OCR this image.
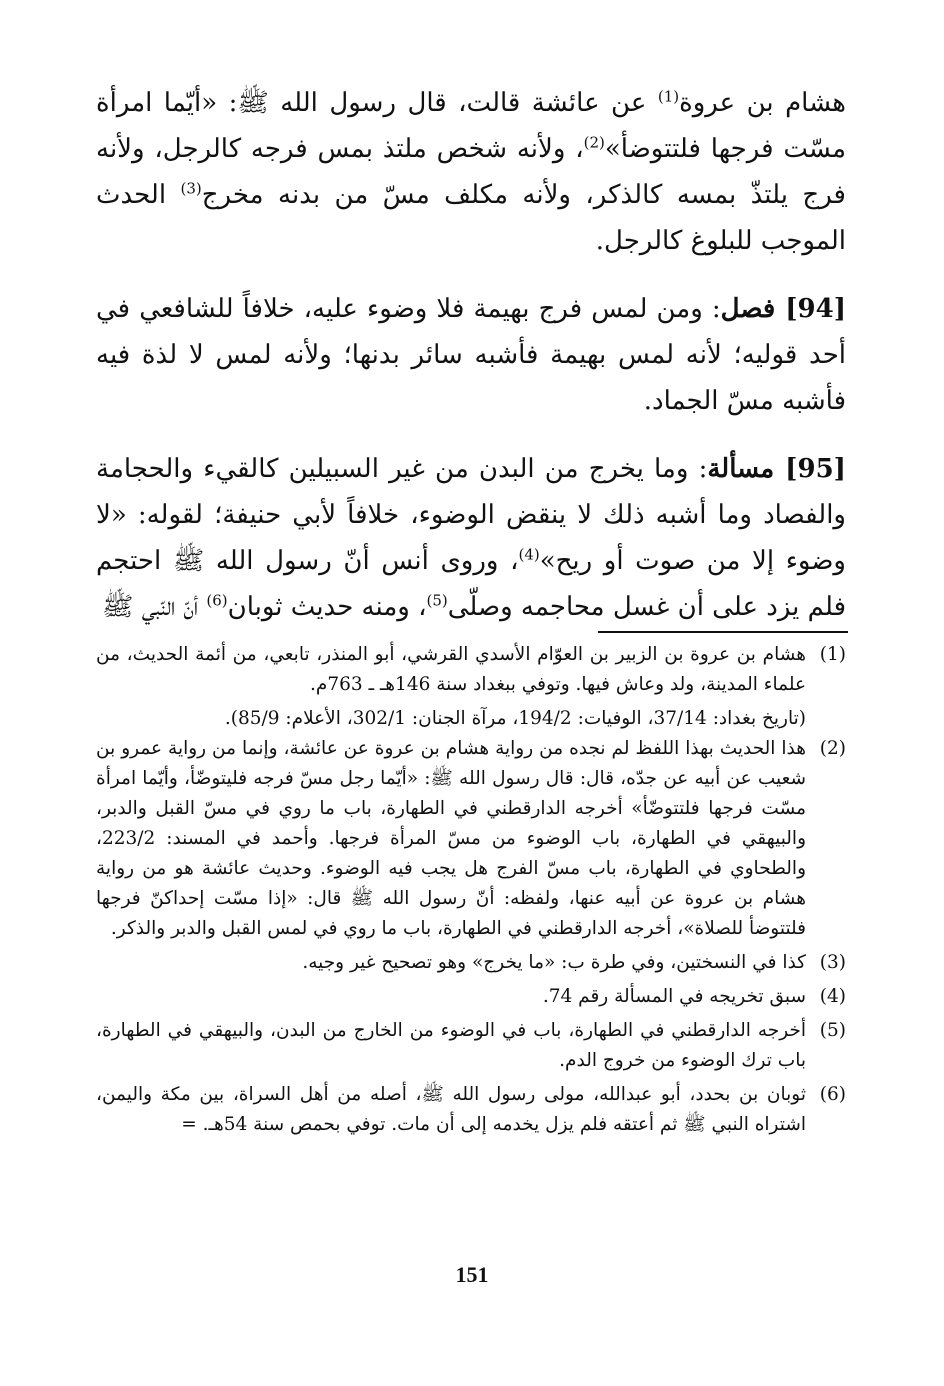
هشام بن عروة$^{(1)}$ عن عائشة قالت، قال رسول الله ﷺ: «أيّما امرأة مسّت فرجها فلتتوضأ»$^{(2)}$، ولأنه شخص ملتذ بمس فرجه كالرجل، ولأنه فرج يلتذّ بمسه كالذكر، ولأنه مكلف مسّ من بدنه مخرج$^{(3)}$ الحدث الموجب للبلوغ كالرجل.

[94] فصل: ومن لمس فرج بهيمة فلا وضوء عليه، خلافاً للشافعي في أحد قوليه؛ لأنه لمس بهيمة فأشبه سائر بدنها؛ ولأنه لمس لا لذة فيه فأشبه مسّ الجماد.

[95] مسألة: وما يخرج من البدن من غير السبيلين كالقيء والحجامة والفصاد وما أشبه ذلك لا ينقض الوضوء، خلافاً لأبي حنيفة؛ لقوله: «لا وضوء إلا من صوت أو ريح»$^{(4)}$، وروى أنس أنّ رسول الله ﷺ احتجم فلم يزد على أن غسل محاجمه وصلّى$^{(5)}$، ومنه حديث ثوبان$^{(6)}$ أنّ النّبي ﷺ

(1)
هشام بن عروة بن الزبير بن العوّام الأسدي القرشي، أبو المنذر، تابعي، من أئمة الحديث، من علماء المدينة، ولد وعاش فيها. وتوفي ببغداد سنة 146هـ ـ 763م.
(تاريخ بغداد: 37/14، الوفيات: 194/2، مرآة الجنان: 302/1، الأعلام: 85/9).
(2)
هذا الحديث بهذا اللفظ لم نجده من رواية هشام بن عروة عن عائشة، وإنما من رواية عمرو بن شعيب عن أبيه عن جدّه، قال: قال رسول الله ﷺ: «أيّما رجل مسّ فرجه فليتوضّأ، وأيّما امرأة مسّت فرجها فلتتوضّأ» أخرجه الدارقطني في الطهارة، باب ما روي في مسّ القبل والدبر، والبيهقي في الطهارة، باب الوضوء من مسّ المرأة فرجها. وأحمد في المسند: 223/2، والطحاوي في الطهارة، باب مسّ الفرج هل يجب فيه الوضوء. وحديث عائشة هو من رواية هشام بن عروة عن أبيه عنها، ولفظه: أنّ رسول الله ﷺ قال: «إذا مسّت إحداكنّ فرجها فلتتوضأ للصلاة»، أخرجه الدارقطني في الطهارة، باب ما روي في لمس القبل والدبر والذكر.
(3)
كذا في النسختين، وفي طرة ب: «ما يخرج» وهو تصحيح غير وجيه.
(4)
سبق تخريجه في المسألة رقم 74.
(5)
أخرجه الدارقطني في الطهارة، باب في الوضوء من الخارج من البدن، والبيهقي في الطهارة، باب ترك الوضوء من خروج الدم.
(6)
ثوبان بن بحدد، أبو عبدالله، مولى رسول الله ﷺ، أصله من أهل السراة، بين مكة واليمن، اشتراه النبي ﷺ ثم أعتقه فلم يزل يخدمه إلى أن مات. توفي بحمص سنة 54هـ. =
151
